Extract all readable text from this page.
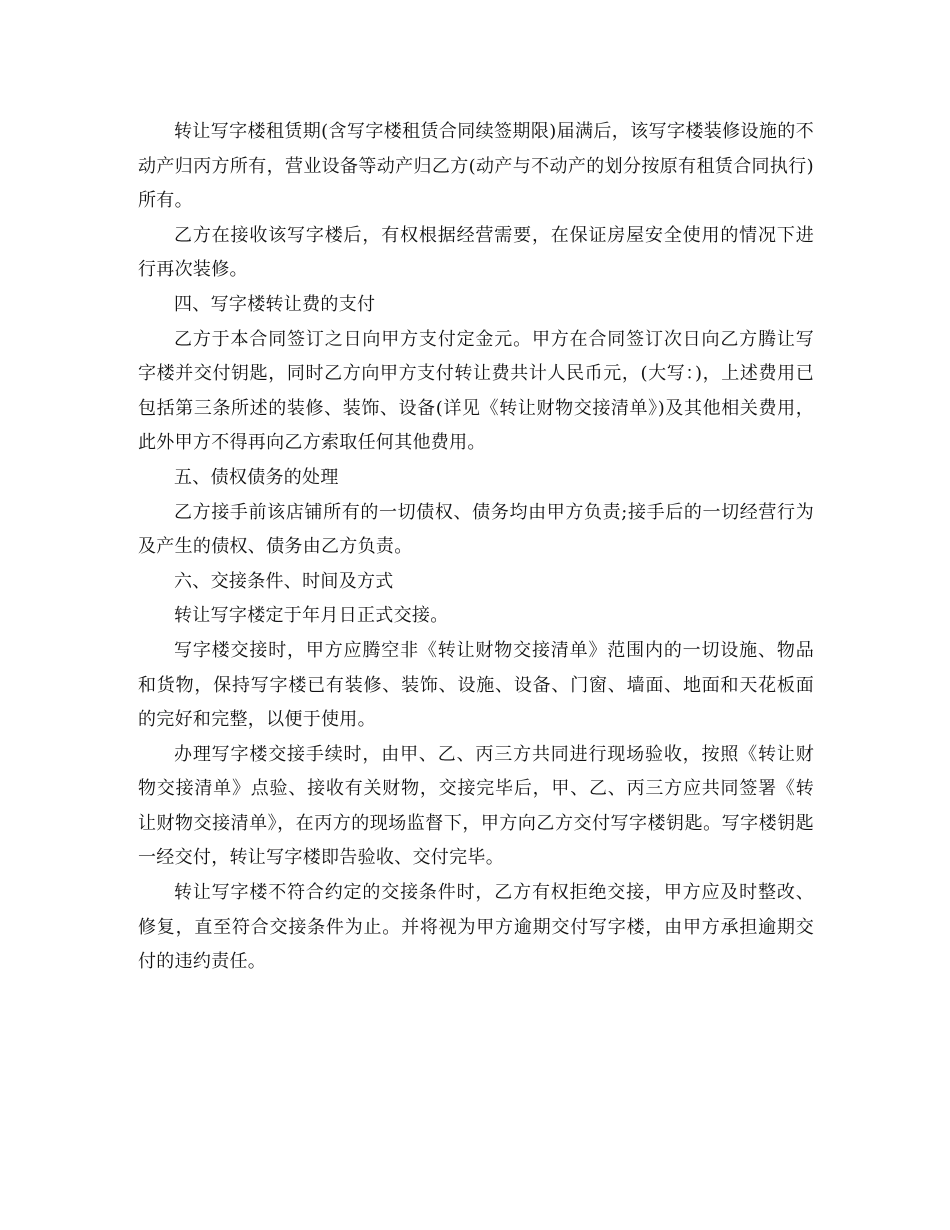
转让写字楼租赁期(含写字楼租赁合同续签期限)届满后，该写字楼装修设施的不动产归丙方所有，营业设备等动产归乙方(动产与不动产的划分按原有租赁合同执行)所有。

乙方在接收该写字楼后，有权根据经营需要，在保证房屋安全使用的情况下进行再次装修。

四、写字楼转让费的支付

乙方于本合同签订之日向甲方支付定金元。甲方在合同签订次日向乙方腾让写字楼并交付钥匙，同时乙方向甲方支付转让费共计人民币元，(大写：)，上述费用已包括第三条所述的装修、装饰、设备(详见《转让财物交接清单》)及其他相关费用，此外甲方不得再向乙方索取任何其他费用。

五、债权债务的处理

乙方接手前该店铺所有的一切债权、债务均由甲方负责;接手后的一切经营行为及产生的债权、债务由乙方负责。

六、交接条件、时间及方式

转让写字楼定于年月日正式交接。

写字楼交接时，甲方应腾空非《转让财物交接清单》范围内的一切设施、物品和货物，保持写字楼已有装修、装饰、设施、设备、门窗、墙面、地面和天花板面的完好和完整，以便于使用。

办理写字楼交接手续时，由甲、乙、丙三方共同进行现场验收，按照《转让财物交接清单》点验、接收有关财物，交接完毕后，甲、乙、丙三方应共同签署《转让财物交接清单》，在丙方的现场监督下，甲方向乙方交付写字楼钥匙。写字楼钥匙一经交付，转让写字楼即告验收、交付完毕。

转让写字楼不符合约定的交接条件时，乙方有权拒绝交接，甲方应及时整改、修复，直至符合交接条件为止。并将视为甲方逾期交付写字楼，由甲方承担逾期交付的违约责任。
